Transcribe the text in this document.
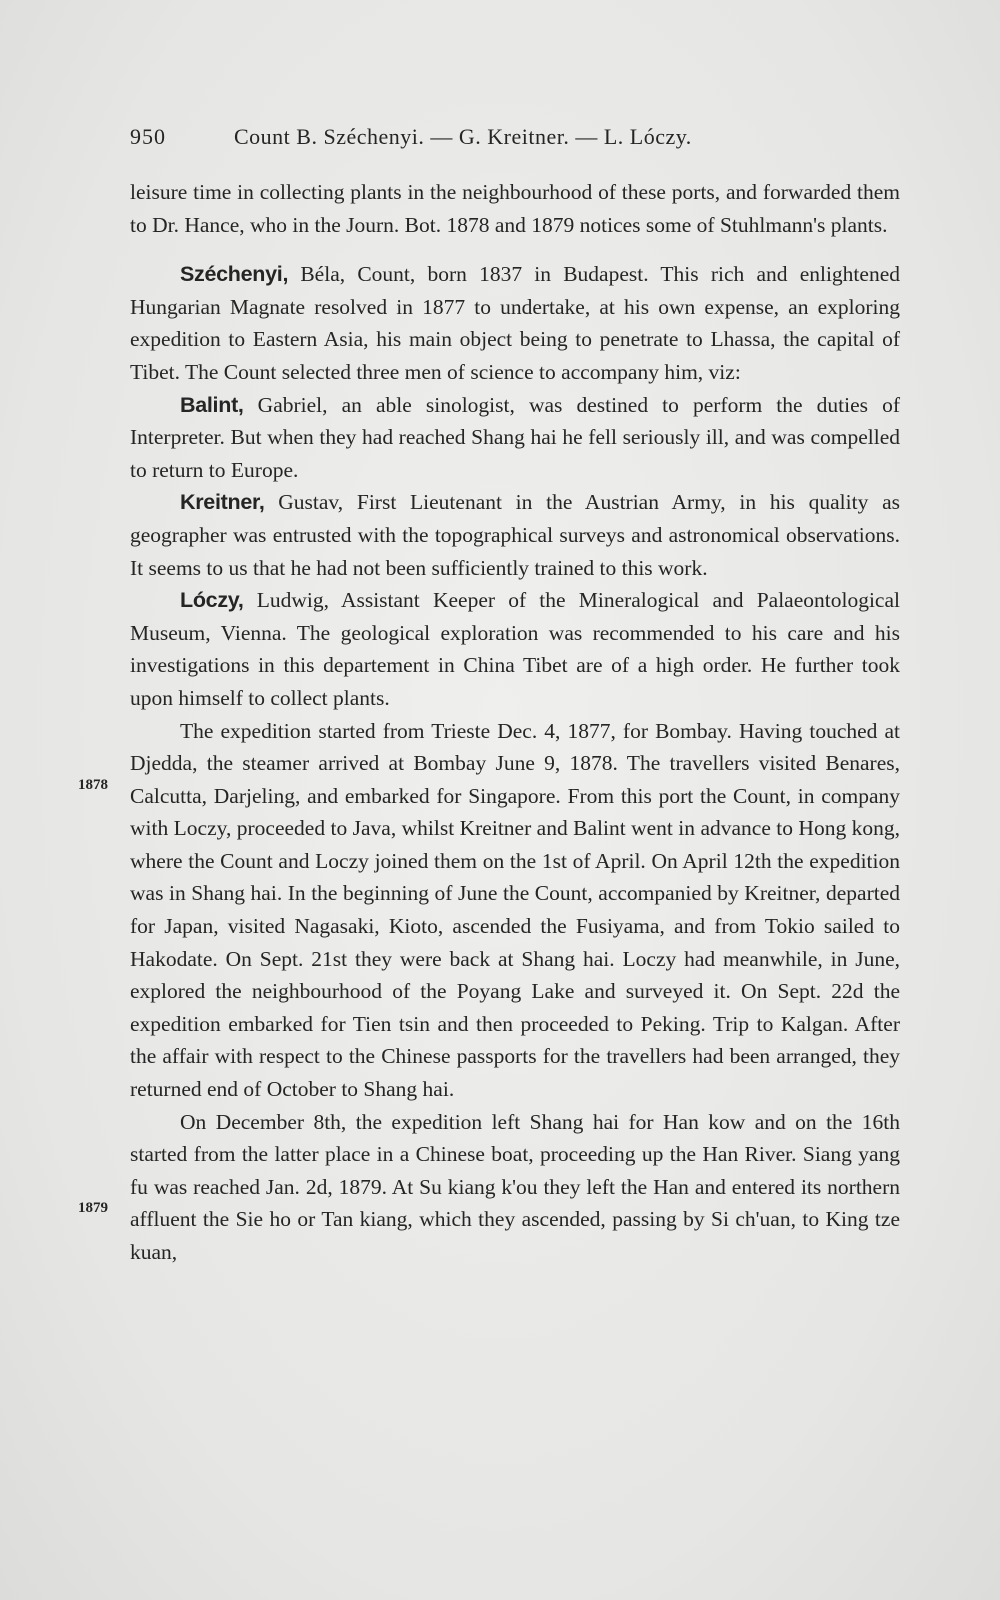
950	Count B. Széchenyi. — G. Kreitner. — L. Lóczy.

leisure time in collecting plants in the neighbourhood of these ports, and forwarded them to Dr. Hance, who in the Journ. Bot. 1878 and 1879 notices some of Stuhlmann's plants.

Széchenyi, Béla, Count, born 1837 in Budapest. This rich and enlightened Hungarian Magnate resolved in 1877 to undertake, at his own expense, an exploring expedition to Eastern Asia, his main object being to penetrate to Lhassa, the capital of Tibet. The Count selected three men of science to accompany him, viz:

Balint, Gabriel, an able sinologist, was destined to perform the duties of Interpreter. But when they had reached Shang hai he fell seriously ill, and was compelled to return to Europe.

Kreitner, Gustav, First Lieutenant in the Austrian Army, in his quality as geographer was entrusted with the topographical surveys and astronomical observations. It seems to us that he had not been sufficiently trained to this work.

Lóczy, Ludwig, Assistant Keeper of the Mineralogical and Palaeontological Museum, Vienna. The geological exploration was recommended to his care and his investigations in this departement in China Tibet are of a high order. He further took upon himself to collect plants.

1878
The expedition started from Trieste Dec. 4, 1877, for Bombay. Having touched at Djedda, the steamer arrived at Bombay June 9, 1878. The travellers visited Benares, Calcutta, Darjeling, and embarked for Singapore. From this port the Count, in company with Loczy, proceeded to Java, whilst Kreitner and Balint went in advance to Hong kong, where the Count and Loczy joined them on the 1st of April. On April 12th the expedition was in Shang hai. In the beginning of June the Count, accompanied by Kreitner, departed for Japan, visited Nagasaki, Kioto, ascended the Fusiyama, and from Tokio sailed to Hakodate. On Sept. 21st they were back at Shang hai. Loczy had meanwhile, in June, explored the neighbourhood of the Poyang Lake and surveyed it. On Sept. 22d the expedition embarked for Tien tsin and then proceeded to Peking. Trip to Kalgan. After the affair with respect to the Chinese passports for the travellers had been arranged, they returned end of October to Shang hai.

1879
On December 8th, the expedition left Shang hai for Han kow and on the 16th started from the latter place in a Chinese boat, proceeding up the Han River. Siang yang fu was reached Jan. 2d, 1879. At Su kiang k'ou they left the Han and entered its northern affluent the Sie ho or Tan kiang, which they ascended, passing by Si ch'uan, to King tze kuan,
